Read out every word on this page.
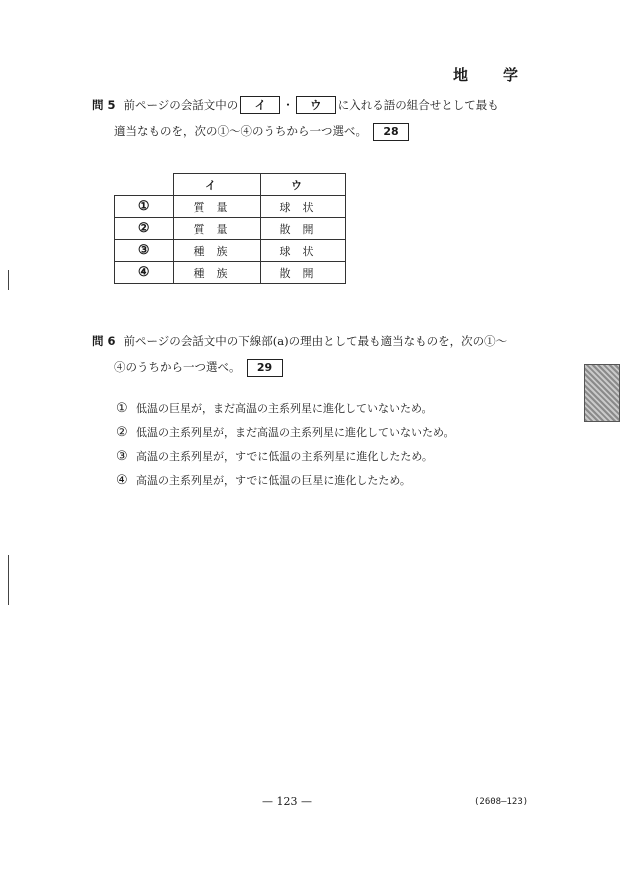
地　学
問 5 前ページの会話文中の イ ・ ウ に入れる語の組合せとして最も
適当なものを，次の①～④のうちから一つ選べ。 28
	イ	ウ
①	質量	球状
②	質量	散開
③	種族	球状
④	種族	散開
問 6 前ページの会話文中の下線部(a)の理由として最も適当なものを，次の①～
④のうちから一つ選べ。 29
① 低温の巨星が，まだ高温の主系列星に進化していないため。
② 低温の主系列星が，まだ高温の主系列星に進化していないため。
③ 高温の主系列星が，すでに低温の主系列星に進化したため。
④ 高温の主系列星が，すでに低温の巨星に進化したため。
— 123 —	(2608—123)
